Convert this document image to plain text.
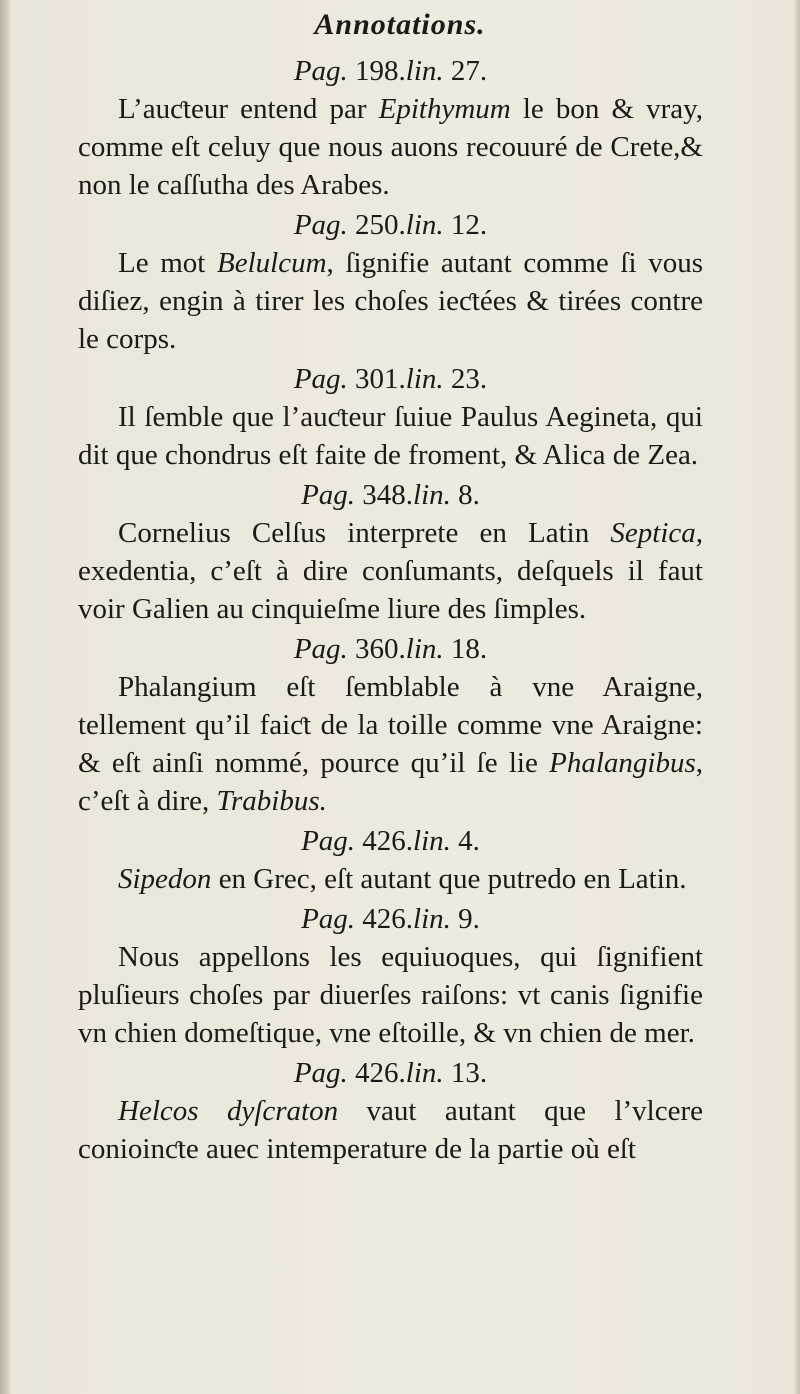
Annotations.
Pag. 198.lin. 27.

L’auƈteur entend par Epithymum le bon & vray, comme eſt celuy que nous auons recouuré de Crete,& non le caſſutha des Arabes.

Pag. 250.lin. 12.

Le mot Belulcum, ſignifie autant comme ſi vous diſiez, engin à tirer les choſes ieƈtées & tirées contre le corps.

Pag. 301.lin. 23.

Il ſemble que l’auƈteur ſuiue Paulus Aegineta, qui dit que chondrus eſt faite de froment, & Alica de Zea.

Pag. 348.lin. 8.

Cornelius Celſus interprete en Latin Septica, exedentia, c’eſt à dire conſumants, deſquels il faut voir Galien au cinquieſme liure des ſimples.

Pag. 360.lin. 18.

Phalangium eſt ſemblable à vne Araigne, tellement qu’il faiƈt de la toille comme vne Araigne: & eſt ainſi nommé, pource qu’il ſe lie Phalangibus, c’eſt à dire, Trabibus.

Pag. 426.lin. 4.

Sipedon en Grec, eſt autant que putredo en Latin.

Pag. 426.lin. 9.

Nous appellons les equiuoques, qui ſignifient pluſieurs choſes par diuerſes raiſons: vt canis ſignifie vn chien domeſtique, vne eſtoille, & vn chien de mer.

Pag. 426.lin. 13.

Helcos dyſcraton vaut autant que l’vlcere conioinƈte auec intemperature de la partie où eſt
